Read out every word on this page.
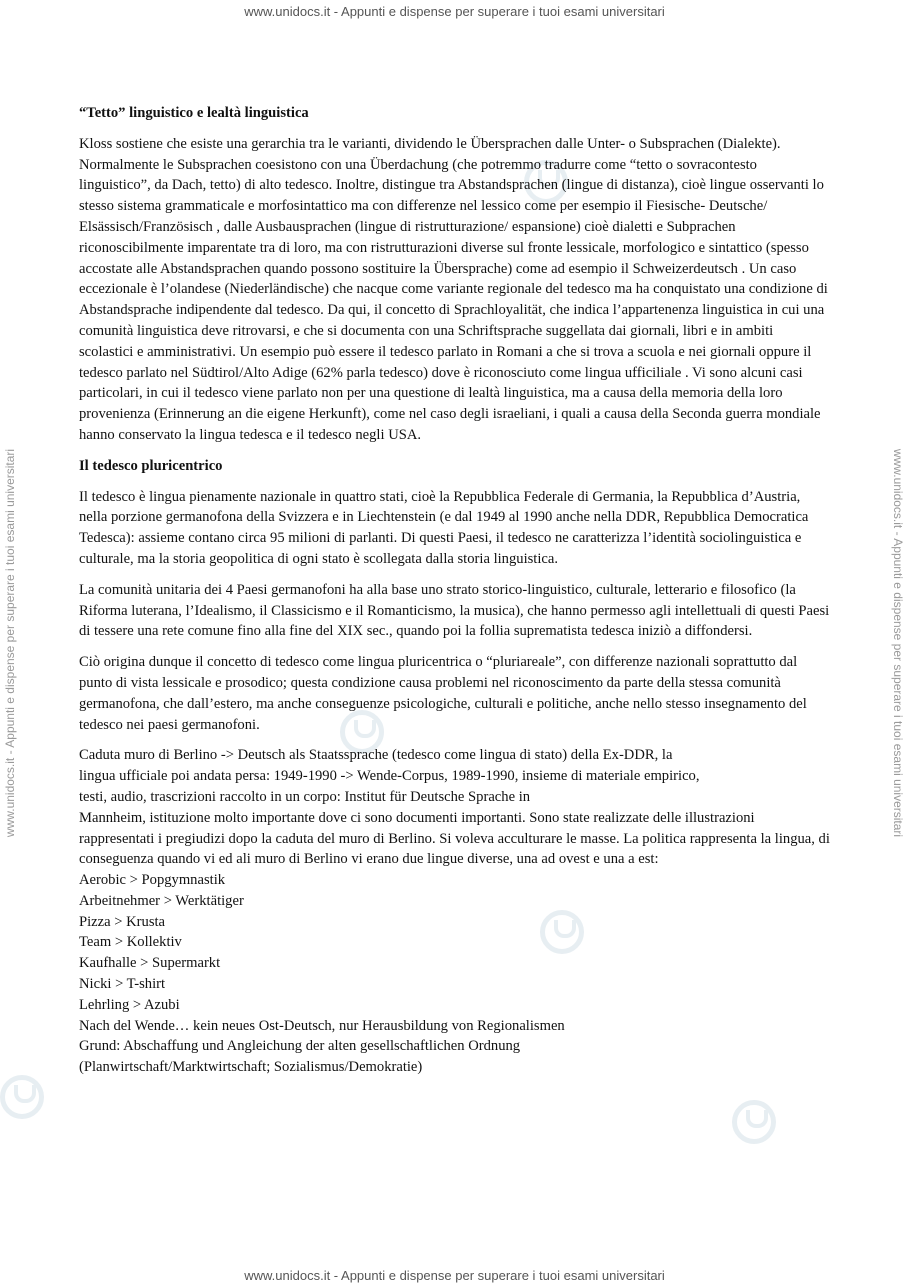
www.unidocs.it - Appunti e dispense per superare i tuoi esami universitari
www.unidocs.it - Appunti e dispense per superare i tuoi esami universitari
www.unidocs.it - Appunti e dispense per superare i tuoi esami universitari	www.unidocs.it - Appunti e dispense per superare i tuoi esami universitari
“Tetto” linguistico e lealtà linguistica

Kloss sostiene che esiste una gerarchia tra le varianti, dividendo le Übersprachen dalle Unter- o Subsprachen (Dialekte). Normalmente le Subsprachen coesistono con una Überdachung (che potremmo tradurre come “tetto o sovracontesto linguistico”, da Dach, tetto) di alto tedesco. Inoltre, distingue tra Abstandsprachen (lingue di distanza), cioè lingue osservanti lo stesso sistema grammaticale e morfosintattico ma con differenze nel lessico come per esempio il Fiesische- Deutsche/ Elsässisch/Französisch , dalle Ausbausprachen (lingue di ristrutturazione/ espansione) cioè dialetti e Subprachen riconoscibilmente imparentate tra di loro, ma con ristrutturazioni diverse sul fronte lessicale, morfologico e sintattico (spesso accostate alle Abstandsprachen quando possono sostituire la Übersprache) come ad esempio il Schweizerdeutsch . Un caso eccezionale è l’olandese (Niederländische) che nacque come variante regionale del tedesco ma ha conquistato una condizione di Abstandsprache indipendente dal tedesco. Da qui, il concetto di Sprachloyalität, che indica l’appartenenza linguistica in cui una comunità linguistica deve ritrovarsi, e che si documenta con una Schriftsprache suggellata dai giornali, libri e in ambiti scolastici e amministrativi. Un esempio può essere il tedesco parlato in Romani a che si trova a scuola e nei giornali oppure il tedesco parlato nel Südtirol/Alto Adige (62% parla tedesco) dove è riconosciuto come lingua ufficiliale . Vi sono alcuni casi particolari, in cui il tedesco viene parlato non per una questione di lealtà linguistica, ma a causa della memoria della loro provenienza (Erinnerung an die eigene Herkunft), come nel caso degli israeliani, i quali a causa della Seconda guerra mondiale hanno conservato la lingua tedesca e il tedesco negli USA.

Il tedesco pluricentrico

Il tedesco è lingua pienamente nazionale in quattro stati, cioè la Repubblica Federale di Germania, la Repubblica d’Austria, nella porzione germanofona della Svizzera e in Liechtenstein (e dal 1949 al 1990 anche nella DDR, Repubblica Democratica Tedesca): assieme contano circa 95 milioni di parlanti. Di questi Paesi, il tedesco ne caratterizza l’identità sociolinguistica e culturale, ma la storia geopolitica di ogni stato è scollegata dalla storia linguistica.

La comunità unitaria dei 4 Paesi germanofoni ha alla base uno strato storico-linguistico, culturale, letterario e filosofico (la Riforma luterana, l’Idealismo, il Classicismo e il Romanticismo, la musica), che hanno permesso agli intellettuali di questi Paesi di tessere una rete comune fino alla fine del XIX sec., quando poi la follia suprematista tedesca iniziò a diffondersi.

Ciò origina dunque il concetto di tedesco come lingua pluricentrica o “pluriareale”, con differenze nazionali soprattutto dal punto di vista lessicale e prosodico; questa condizione causa problemi nel riconoscimento da parte della stessa comunità germanofona, che dall’estero, ma anche conseguenze psicologiche, culturali e politiche, anche nello stesso insegnamento del tedesco nei paesi germanofoni.

Caduta muro di Berlino -> Deutsch als Staatssprache (tedesco come lingua di stato) della Ex-DDR, la
lingua ufficiale poi andata persa: 1949-1990 -> Wende-Corpus, 1989-1990, insieme di materiale empirico,
testi, audio, trascrizioni raccolto in un corpo: Institut für Deutsche Sprache in
Mannheim, istituzione molto importante dove ci sono documenti importanti. Sono state realizzate delle illustrazioni rappresentati i pregiudizi dopo la caduta del muro di Berlino. Si voleva acculturare le masse. La politica rappresenta la lingua, di conseguenza quando vi ed ali muro di Berlino vi erano due lingue diverse, una ad ovest e una a est:
Aerobic > Popgymnastik
Arbeitnehmer > Werktätiger
Pizza > Krusta
Team > Kollektiv
Kaufhalle > Supermarkt
Nicki > T-shirt
Lehrling > Azubi
Nach del Wende… kein neues Ost-Deutsch, nur Herausbildung von Regionalismen
Grund: Abschaffung und Angleichung der alten gesellschaftlichen Ordnung
(Planwirtschaft/Marktwirtschaft; Sozialismus/Demokratie)
